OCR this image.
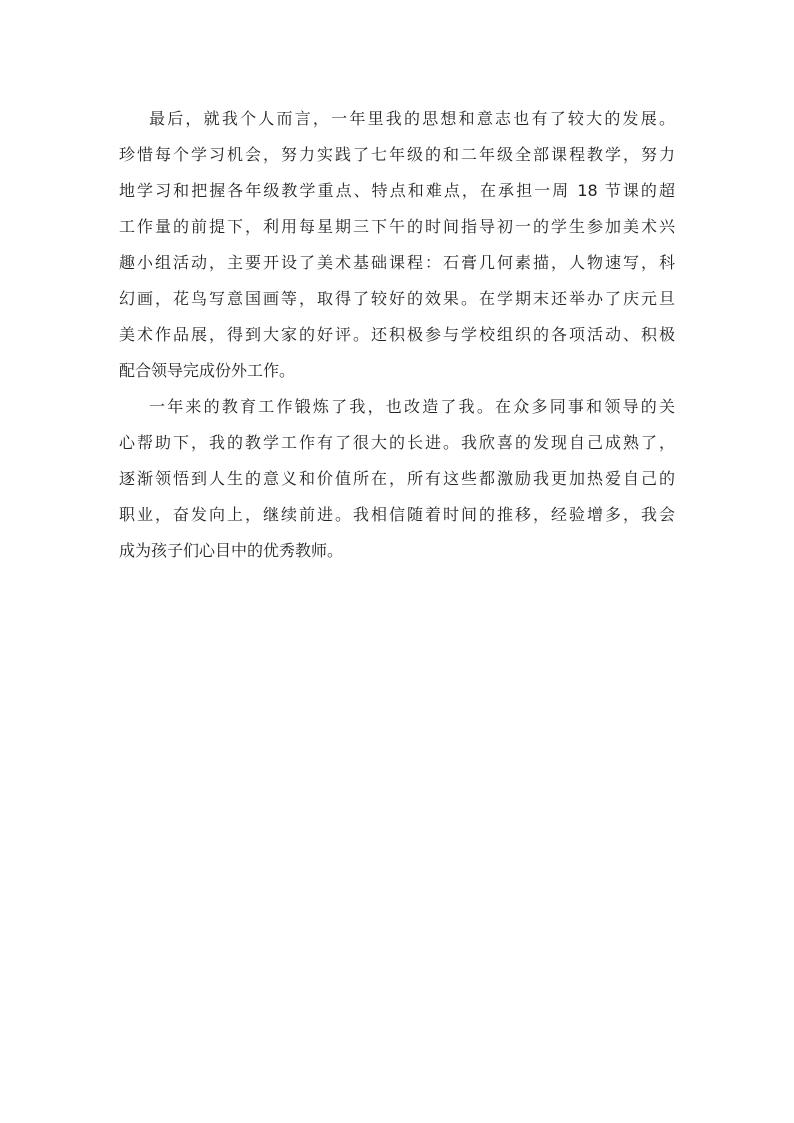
最后，就我个人而言，一年里我的思想和意志也有了较大的发展。
珍惜每个学习机会，努力实践了七年级的和二年级全部课程教学，努力
地学习和把握各年级教学重点、特点和难点，在承担一周 18 节课的超
工作量的前提下，利用每星期三下午的时间指导初一的学生参加美术兴
趣小组活动，主要开设了美术基础课程：石膏几何素描，人物速写，科
幻画，花鸟写意国画等，取得了较好的效果。在学期末还举办了庆元旦
美术作品展，得到大家的好评。还积极参与学校组织的各项活动、积极
配合领导完成份外工作。
一年来的教育工作锻炼了我，也改造了我。在众多同事和领导的关
心帮助下，我的教学工作有了很大的长进。我欣喜的发现自己成熟了，
逐渐领悟到人生的意义和价值所在，所有这些都激励我更加热爱自己的
职业，奋发向上，继续前进。我相信随着时间的推移，经验增多，我会
成为孩子们心目中的优秀教师。
